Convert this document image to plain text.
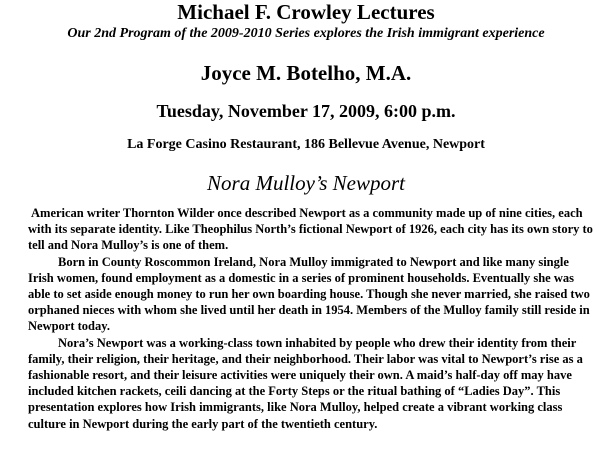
Michael F. Crowley Lectures
Our 2nd Program of the 2009-2010 Series explores the Irish immigrant experience
Joyce M. Botelho, M.A.
Tuesday, November 17, 2009, 6:00 p.m.
La Forge Casino Restaurant, 186 Bellevue Avenue, Newport
Nora Mulloy’s Newport

American writer Thornton Wilder once described Newport as a community made up of nine cities, each with its separate identity. Like Theophilus North’s fictional Newport of 1926, each city has its own story to tell and Nora Mulloy’s is one of them.

Born in County Roscommon Ireland, Nora Mulloy immigrated to Newport and like many single Irish women, found employment as a domestic in a series of prominent households. Eventually she was able to set aside enough money to run her own boarding house. Though she never married, she raised two orphaned nieces with whom she lived until her death in 1954. Members of the Mulloy family still reside in Newport today.

Nora’s Newport was a working-class town inhabited by people who drew their identity from their family, their religion, their heritage, and their neighborhood. Their labor was vital to Newport’s rise as a fashionable resort, and their leisure activities were uniquely their own. A maid’s half-day off may have included kitchen rackets, ceili dancing at the Forty Steps or the ritual bathing of “Ladies Day”. This presentation explores how Irish immigrants, like Nora Mulloy, helped create a vibrant working class culture in Newport during the early part of the twentieth century.
